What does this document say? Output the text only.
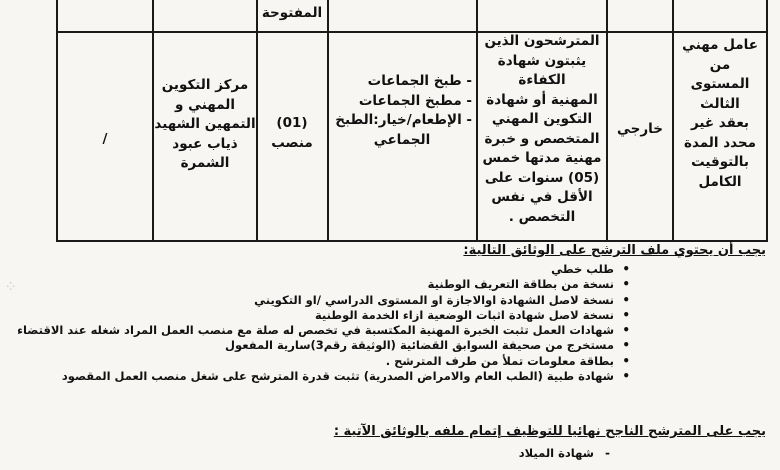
⁘

المفتوحة

عامل مهني

من

المستوى

الثالث

بعقد غير

محدد المدة

بالتوقيت

الكامل

خارجي

المترشحون الذين

يثبتون شهادة الكفاءة

المهنية أو شهادة

التكوين المهني

المتخصص و خبرة

مهنية مدتها خمس

(05) سنوات على

الأقل في نفس

التخصص .

- طبخ الجماعات

- مطبخ الجماعات

- الإطعام/خيار:الطبخ

الجماعي

(01)

منصب

مركز التكوين

المهني و

التمهين الشهيد

ذياب عبود

الشمرة

/

يجب أن يحتوي ملف الترشح على الوثائق التالية:
• طلب خطي
• نسخة من بطاقة التعريف الوطنية
• نسخة لاصل الشهادة اوالاجازة او المستوى الدراسي /او التكويني
• نسخة لاصل شهادة اثبات الوضعية ازاء الخدمة الوطنية
• شهادات العمل تثبت الخبرة المهنية المكتسبة في تخصص له صلة مع منصب العمل المراد شغله عند الاقتضاء
• مستخرج من صحيفة السوابق القضائية (الوثيقة رقم3)سارية المفعول
• بطاقة معلومات تملأ من طرف المترشح .
• شهادة طبية (الطب العام والامراض الصدرية) تثبت قدرة المترشح على شغل منصب العمل المقصود
يجب على المترشح الناجح نهائيا للتوظيف إتمام ملفه بالوثائق الآتية :
- شهادة الميلاد
